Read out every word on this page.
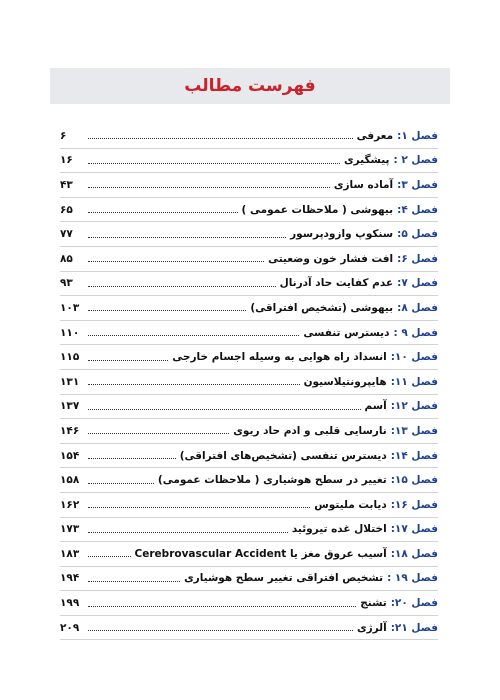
فهرست مطالب
فصل ۱:
معرفی
۶
فصل ۲ :
پیشگیری
۱۶
فصل ۳:
آماده سازی
۴۳
فصل ۴:
بیهوشی ( ملاحظات عمومی )
۶۵
فصل ۵:
سنکوپ وازودپرسور
۷۷
فصل ۶:
افت فشار خون وضعیتی
۸۵
فصل ۷:
عدم کفایت حاد آدرنال
۹۳
فصل ۸:
بیهوشی (تشخیص افتراقی)
۱۰۳
فصل ۹ :
دیسترس تنفسی
۱۱۰
فصل ۱۰:
انسداد راه هوایی به وسیله اجسام خارجی
۱۱۵
فصل ۱۱:
هایپرونتیلاسیون
۱۳۱
فصل ۱۲:
آسم
۱۳۷
فصل ۱۳:
نارسایی قلبی و ادم حاد ریوی
۱۴۶
فصل ۱۴:
دیسترس تنفسی (تشخیص‌های افتراقی)
۱۵۴
فصل ۱۵:
تغییر در سطح هوشیاری ( ملاحظات عمومی)
۱۵۸
فصل ۱۶:
دیابت ملیتوس
۱۶۲
فصل ۱۷:
اختلال غده تیروئید
۱۷۳
فصل ۱۸:
آسیب عروق مغز یا Cerebrovascular Accident
۱۸۳
فصل ۱۹ :
تشخیص افتراقی تغییر سطح هوشیاری
۱۹۴
فصل ۲۰:
تشنج
۱۹۹
فصل ۲۱:
آلرژی
۲۰۹
